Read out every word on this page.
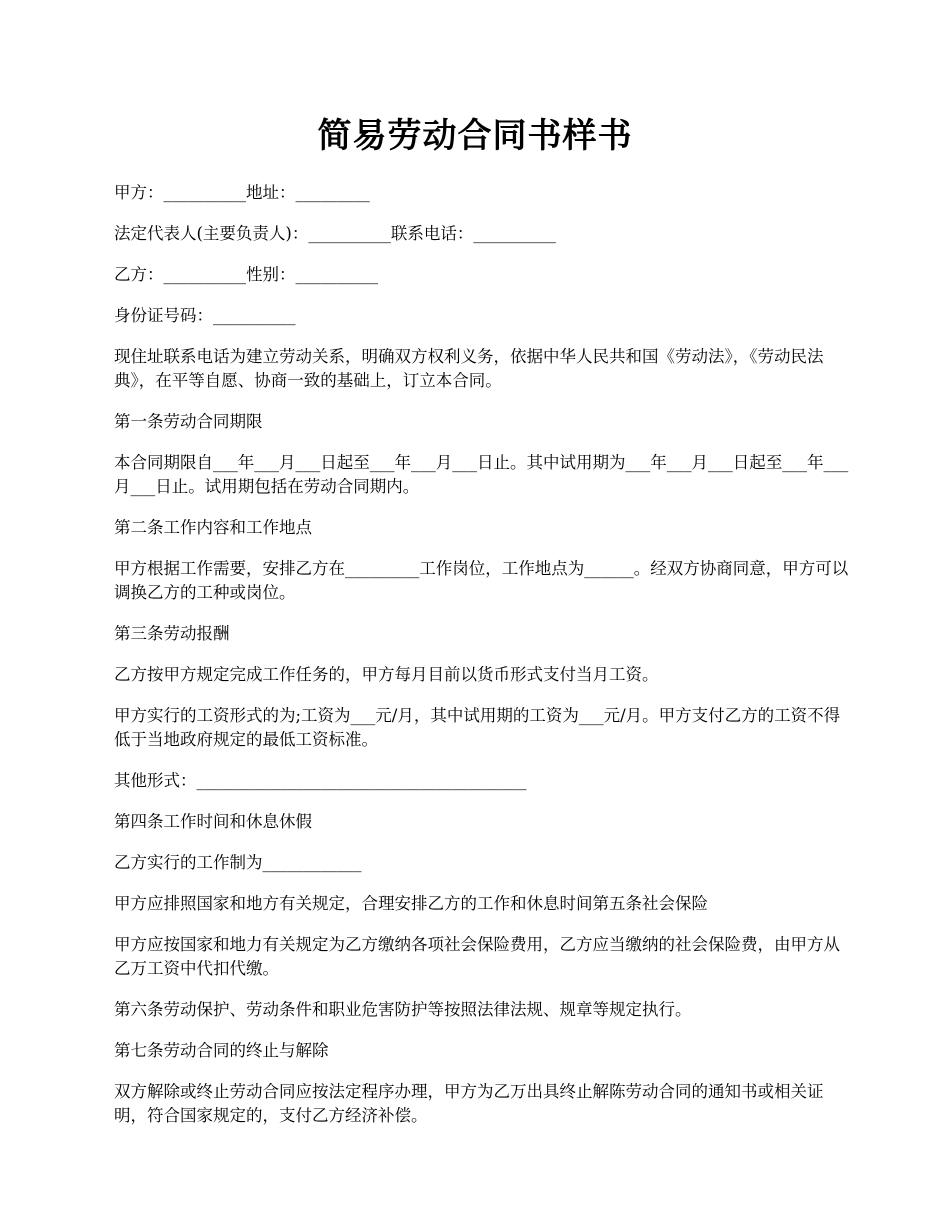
简易劳动合同书样书

甲方：__________地址：_________

法定代表人(主要负责人)：__________联系电话：__________

乙方：__________性别：__________

身份证号码：__________

现住址联系电话为建立劳动关系，明确双方权利义务，依据中华人民共和国《劳动法》，《劳动民法典》，在平等自愿、协商一致的基础上，订立本合同。

第一条劳动合同期限

本合同期限自___年___月___日起至___年___月___日止。其中试用期为___年___月___日起至___年___月___日止。试用期包括在劳动合同期内。

第二条工作内容和工作地点

甲方根据工作需要，安排乙方在_________工作岗位，工作地点为______。经双方协商同意，甲方可以调换乙方的工种或岗位。

第三条劳动报酬

乙方按甲方规定完成工作任务的，甲方每月目前以货币形式支付当月工资。

甲方实行的工资形式的为;工资为___元/月，其中试用期的工资为___元/月。甲方支付乙方的工资不得低于当地政府规定的最低工资标准。

其他形式：________________________________________

第四条工作时间和休息休假

乙方实行的工作制为____________

甲方应排照国家和地方有关规定，合理安排乙方的工作和休息时间第五条社会保险

甲方应按国家和地力有关规定为乙方缴纳各项社会保险费用，乙方应当缴纳的社会保险费，由甲方从乙万工资中代扣代缴。

第六条劳动保护、劳动条件和职业危害防护等按照法律法规、规章等规定执行。

第七条劳动合同的终止与解除

双方解除或终止劳动合同应按法定程序办理，甲方为乙万出具终止解陈劳动合同的通知书或相关证明，符合国家规定的，支付乙方经济补偿。
